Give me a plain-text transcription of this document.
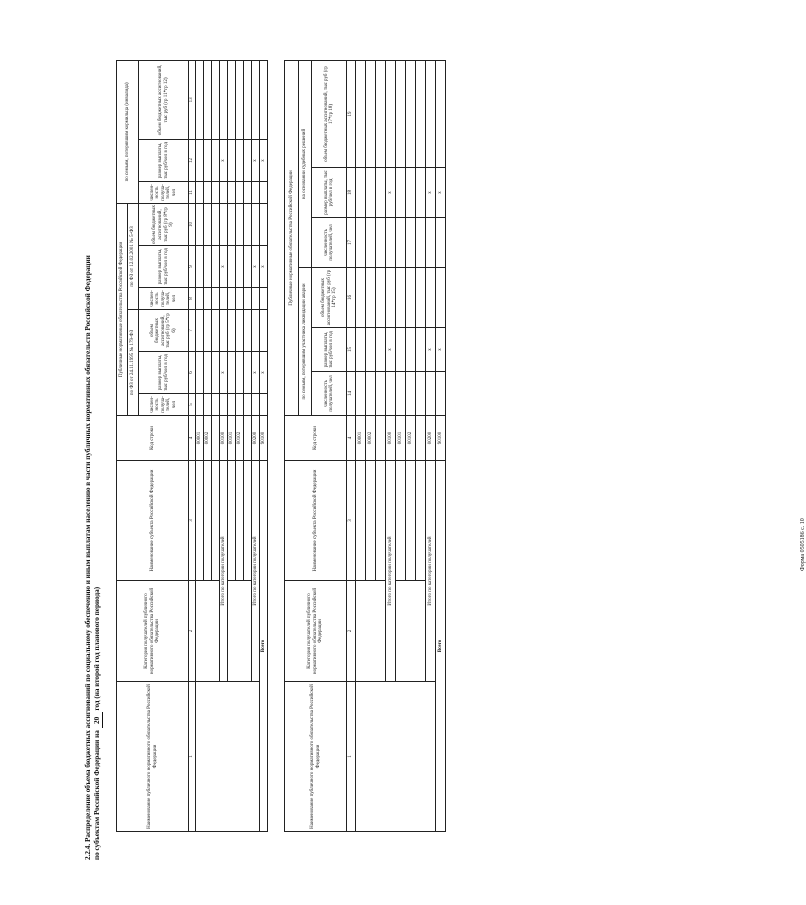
Форма 0505186 с. 10
2.2.4. Распределение объема бюджетных ассигнований по социальному обеспечению и иным выплатам населению в части публичных нормативных обязательств Российской Федерации по субъектам Российской Федерации на 20 год (на второй год планового периода)
Наименование публичного нормативного обязательства Российской Федерации	Категория получателей публичного нормативного обязательства Российской Федерации	Наименование субъекта Российской Федерации	Код строки	Публичные нормативные обязательства Российской Федерации						по семьям, потерявшим кормильца (инвалида)		
				по ФЗ от 24.11.1995 № 179-ФЗ			по ФЗ от 12.02.2001 № 5-ФЗ					
				числен-ность получа-телей, чел	размер выплаты, тыс руб/чел в год	объем бюджетных ассигнований, тыс руб (гр 5*гр 6)	числен-ность получа-телей, чел	размер выплаты, тыс руб/чел в год	объем бюджетных ассигнований, тыс руб (гр 8*гр 9)	числен-ность получа-телей, чел	размер выплаты, тыс руб/чел в год	объем бюджетных ассигнований, тыс руб (гр 11*гр 12)
1	2	3	4	5	6	7	8	9	10	11	12	13
			00001									
			00002									

	Итого по категории получателей		00100		x			x			x	
			00101									
			00102									

	Итого по категории получателей		00200		x			x			x	
Всего			90100		x			x			x	
Наименование публичного нормативного обязательства Российской Федерации	Категория получателей публичного нормативного обязательства Российской Федерации	Наименование субъекта Российской Федерации	Код строки	Публичные нормативные обязательства Российской Федерации					
				по семьям, потерявшим участника ликвидации аварии			на основании судебных решений		
				численность получателей, чел	размер выплаты, тыс руб/чел в год	объем бюджетных ассигнований, тыс руб (гр 14*гр 15)	численность получателей, чел	размер выплаты, тыс руб/чел в год	объем бюджетных ассигнований, тыс руб (гр 17*гр 18)
1	2	3	4	14	15	16	17	18	19
			00001						
			00002						

	Итого по категории получателей		00100		x			x	
			00101						
			00102						

	Итого по категории получателей		00200		x			x	
Всего			90100		x			x	
